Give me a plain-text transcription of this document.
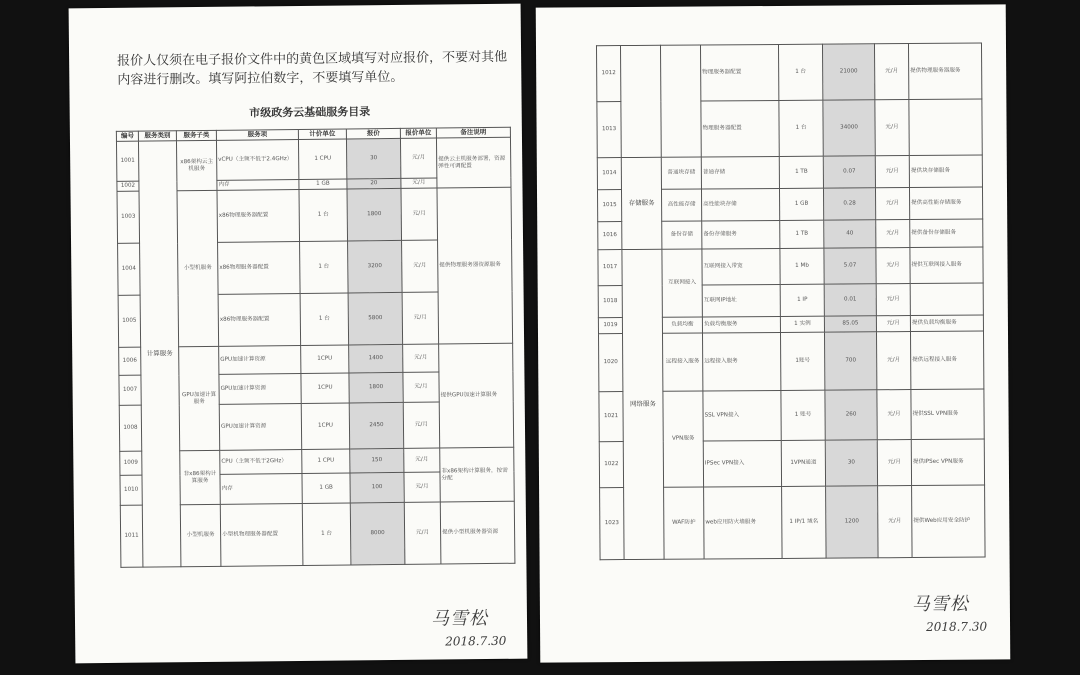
报价人仅须在电子报价文件中的黄色区域填写对应报价，不要对其他内容进行删改。填写阿拉伯数字，不要填写单位。
市级政务云基础服务目录
编号	服务类别	服务子类	服务项	计价单位	报价	报价单位	备注说明
1001	计算服务	x86架构云主机服务	vCPU（主频不低于2.4GHz）	1 CPU	30	元/月	提供云主机服务部署，资源弹性可调配置
1002			内存	1 GB	20	元/月	
1003		小型机服务	x86物理服务器配置	1 台	1800	元/月	提供物理服务器资源服务
1004			x86物理服务器配置	1 台	3200	元/月	
1005			x86物理服务器配置	1 台	5800	元/月	
1006		GPU加速计算服务	GPU加速计算资源	1CPU	1400	元/月	提供GPU加速计算服务
1007			GPU加速计算资源	1CPU	1800	元/月	
1008			GPU加速计算资源	1CPU	2450	元/月	
1009		非x86架构计算服务	CPU（主频不低于2GHz）	1 CPU	150	元/月	非x86架构计算服务，按需分配
1010			内存	1 GB	100	元/月	
1011		小型机服务	小型机物理服务器配置	1 台	8000	元/月	提供小型机服务器资源
马雪松
2018.7.30
1012			物理服务器配置	1 台	21000	元/月	提供物理服务器服务
1013			物理服务器配置	1 台	34000	元/月	
1014	存储服务	普通块存储	普通存储	1 TB	0.07	元/月	提供块存储服务
1015		高性能存储	高性能块存储	1 GB	0.28	元/月	提供高性能存储服务
1016		备份存储	备份存储服务	1 TB	40	元/月	提供备份存储服务
1017	网络服务	互联网接入	互联网接入带宽	1 Mb	5.07	元/月	提供互联网接入服务
1018			互联网IP地址	1 IP	0.01	元/月	
1019		负载均衡	负载均衡服务	1 实例	85.05	元/月	提供负载均衡服务
1020		远程接入服务	远程接入服务	1账号	700	元/月	提供远程接入服务
1021		VPN服务	SSL VPN接入	1 账号	260	元/月	提供SSL VPN服务
1022			IPSec VPN接入	1VPN通道	30	元/月	提供IPSec VPN服务
1023		WAF防护	web应用防火墙服务	1 IP/1 域名	1200	元/月	提供Web应用安全防护
马雪松
2018.7.30
